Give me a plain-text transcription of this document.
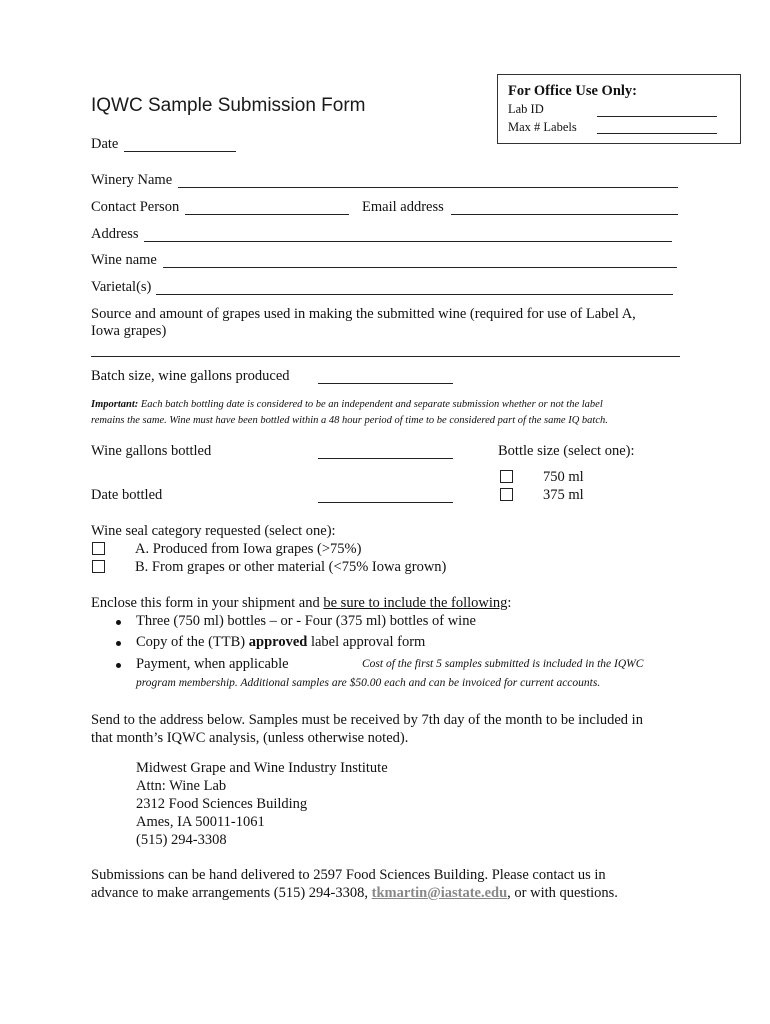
IQWC Sample Submission Form
For Office Use Only:
Lab ID
Max # Labels
Date
Winery Name
Contact Person	Email address
Address
Wine name
Varietal(s)
Source and amount of grapes used in making the submitted wine (required for use of Label A,
Iowa grapes)
Batch size, wine gallons produced
Important: Each batch bottling date is considered to be an independent and separate submission whether or not the label
remains the same. Wine must have been bottled within a 48 hour period of time to be considered part of the same IQ batch.
Wine gallons bottled	Bottle size (select one):
750 ml
375 ml
Date bottled
Wine seal category requested (select one):
A. Produced from Iowa grapes (>75%)
B. From grapes or other material (<75% Iowa grown)
Enclose this form in your shipment and be sure to include the following:
Three (750 ml) bottles – or - Four (375 ml) bottles of wine
Copy of the (TTB) approved label approval form
Payment, when applicable	Cost of the first 5 samples submitted is included in the IQWC
program membership. Additional samples are $50.00 each and can be invoiced for current accounts.
Send to the address below. Samples must be received by 7th day of the month to be included in
that month’s IQWC analysis, (unless otherwise noted).
Midwest Grape and Wine Industry Institute
Attn: Wine Lab
2312 Food Sciences Building
Ames, IA 50011-1061
(515) 294-3308
Submissions can be hand delivered to 2597 Food Sciences Building. Please contact us in
advance to make arrangements (515) 294-3308, tkmartin@iastate.edu, or with questions.
